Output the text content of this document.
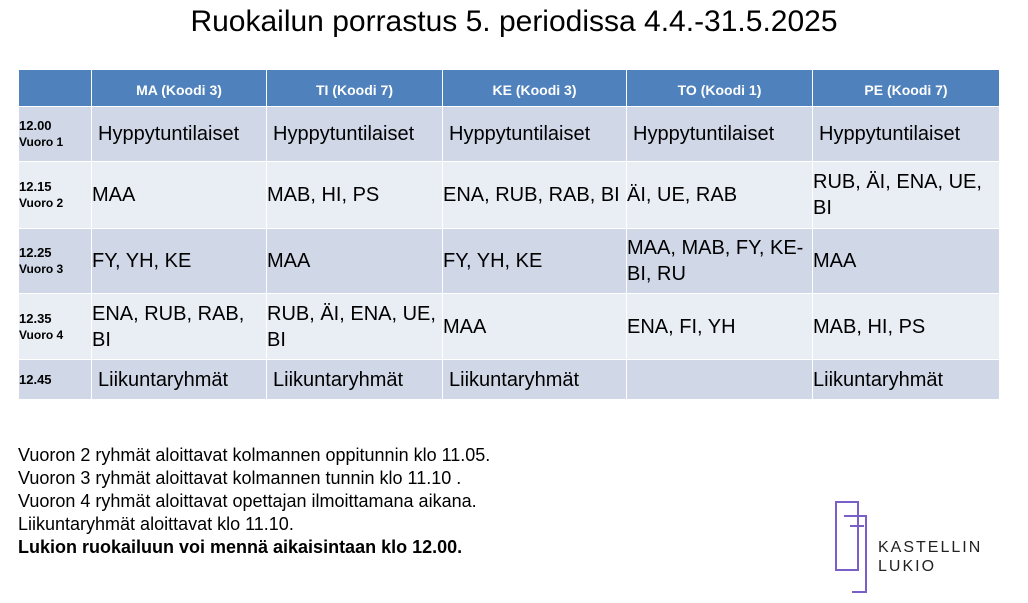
Ruokailun porrastus 5. periodissa 4.4.-31.5.2025

	MA (Koodi 3)	TI (Koodi 7)	KE (Koodi 3)	TO (Koodi 1)	PE (Koodi 7)

12.00
Vuoro 1	Hyppytuntilaiset	Hyppytuntilaiset	Hyppytuntilaiset	Hyppytuntilaiset	Hyppytuntilaiset

12.15
Vuoro 2	MAA	MAB, HI, PS	ENA, RUB, RAB, BI	ÄI, UE, RAB	RUB, ÄI, ENA, UE, BI

12.25
Vuoro 3	FY, YH, KE	MAA	FY, YH, KE	MAA, MAB, FY, KE-BI, RU	MAA

12.35
Vuoro 4	ENA, RUB, RAB, BI	RUB, ÄI, ENA, UE, BI	MAA	ENA, FI, YH	MAB, HI, PS

12.45	Liikuntaryhmät	Liikuntaryhmät	Liikuntaryhmät		Liikuntaryhmät
Vuoron 2 ryhmät aloittavat kolmannen oppitunnin klo 11.05.
Vuoron 3 ryhmät aloittavat kolmannen tunnin klo 11.10 .
Vuoron 4 ryhmät aloittavat opettajan ilmoittamana aikana.
Liikuntaryhmät aloittavat klo 11.10.
Lukion ruokailuun voi mennä aikaisintaan klo 12.00.	KASTELLIN
LUKIO
